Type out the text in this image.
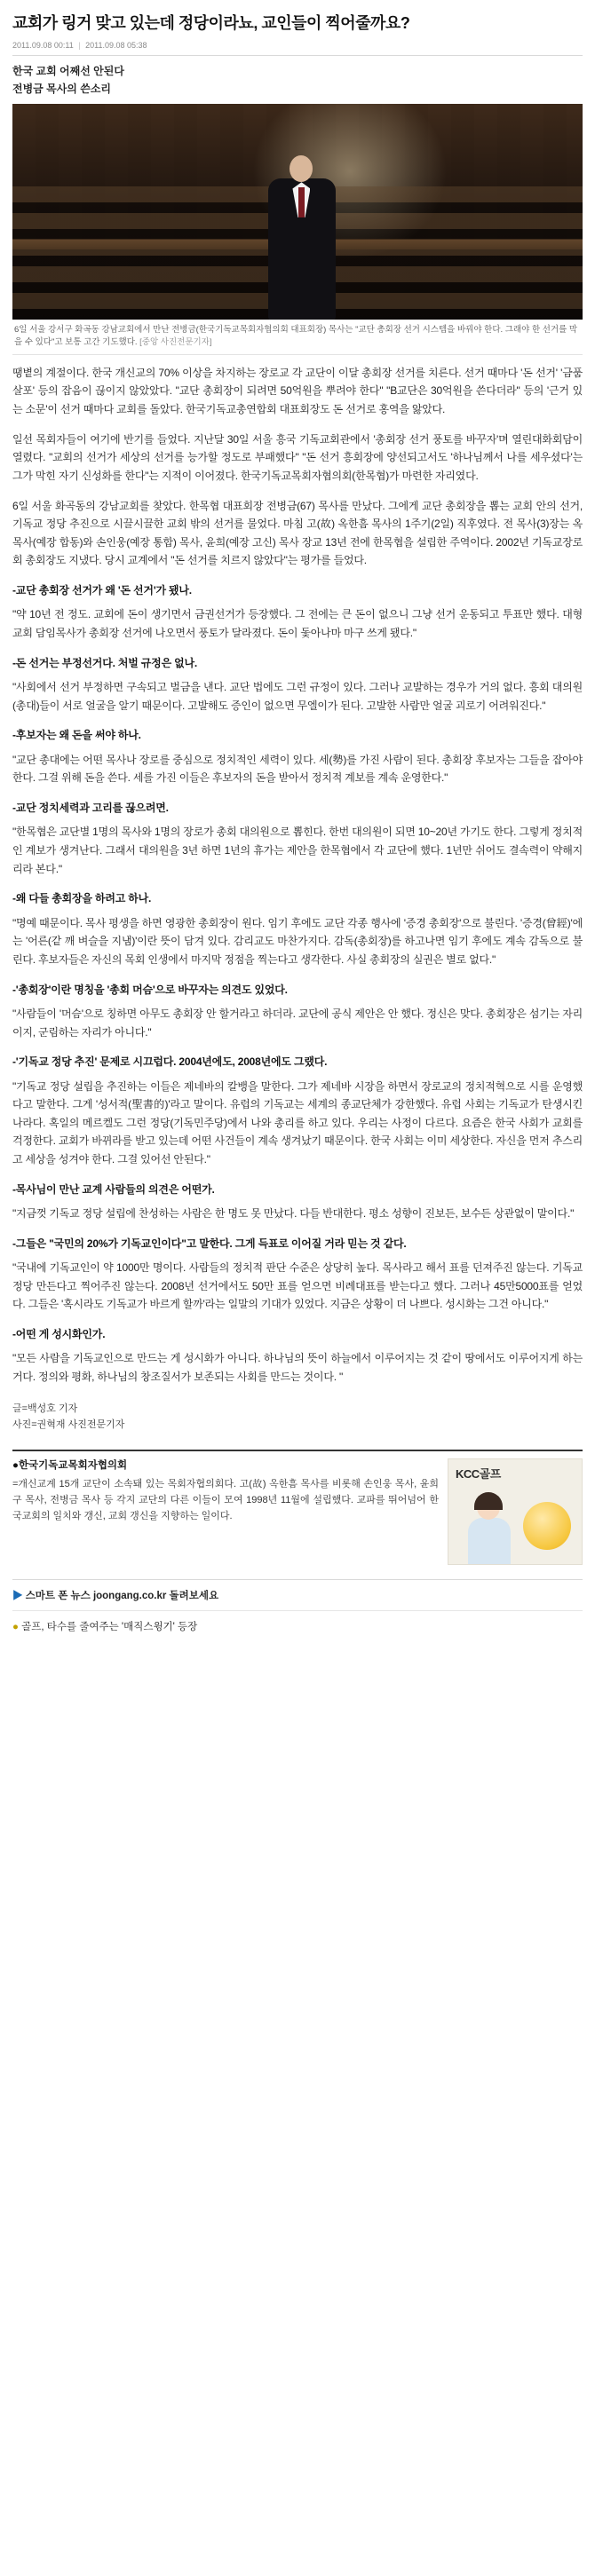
교회가 링거 맞고 있는데 정당이라뇨, 교인들이 찍어줄까요?
2011.09.08 00:11 | 2011.09.08 05:38
한국 교회 어째선 안된다
전병금 목사의 쓴소리
6일 서울 강서구 화곡동 강남교회에서 만난 전병금(한국기독교목회자협의회 대표회장) 목사는 "교단 총회장 선거 시스템을 바꿔야 한다. 그래야 한 선거를 막을 수 있다"고 보통 고간 기도했다. [중앙 사진전문기자]

땡볕의 계절이다. 한국 개신교의 70% 이상을 차지하는 장로교 각 교단이 이달 총회장 선거를 치른다. 선거 때마다 '돈 선거' '금품 살포' 등의 잡음이 끊이지 않았았다. "교단 총회장이 되려면 50억원을 뿌려야 한다" "B교단은 30억원을 쓴다더라" 등의 '근거 있는 소문'이 선거 때마다 교회를 돌았다. 한국기독교총연합회 대표회장도 돈 선거로 홍역을 앓았다.

일선 목회자들이 여기에 반기를 들었다. 지난달 30일 서울 흥국 기독교회관에서 '총회장 선거 풍토를 바꾸자'며 열린대화회담이 열렸다. "교회의 선거가 세상의 선거를 능가할 정도로 부패했다" "돈 선거 흥회장에 양선되고서도 '하나님께서 나를 세우셨다'는 그가 막힌 자기 신성화를 한다"는 지적이 이어졌다. 한국기독교목회자협의회(한목협)가 마련한 자리였다.

6일 서울 화곡동의 강남교회를 찾았다. 한목협 대표회장 전병금(67) 목사를 만났다. 그에게 교단 총회장을 뽑는 교회 안의 선거, 기독교 정당 추진으로 시끌시끌한 교회 밖의 선거를 물었다. 마침 고(故) 옥한흠 목사의 1주기(2일) 직후였다. 전 목사(3)장는 옥 목사(예장 합동)와 손인웅(예장 통합) 목사, 윤희(예장 고신) 목사 장교 13년 전에 한목협을 설립한 주역이다. 2002년 기독교장로회 총회장도 지냈다. 당시 교계에서 "돈 선거를 치르지 않았다"는 평가를 들었다.

-교단 총회장 선거가 왜 '돈 선거'가 됐나.

"약 10년 전 정도. 교회에 돈이 생기면서 금권선거가 등장했다. 그 전에는 큰 돈이 없으니 그냥 선거 운동되고 투표만 했다. 대형교회 담임목사가 총회장 선거에 나오면서 풍토가 달라졌다. 돈이 돛아나마 마구 쓰게 됐다."

-돈 선거는 부정선거다. 처벌 규정은 없나.

"사회에서 선거 부정하면 구속되고 벌금을 낸다. 교단 법에도 그런 규정이 있다. 그러나 교발하는 경우가 거의 없다. 흥회 대의원(총대)들이 서로 얼굴을 알기 때문이다. 고발해도 증인이 없으면 무엘이가 된다. 고발한 사람만 얼굴 괴로기 어려워진다."

-후보자는 왜 돈을 써야 하나.

"교단 총대에는 어떤 목사나 장로를 중심으로 정치적인 세력이 있다. 세(勢)를 가진 사람이 된다. 총회장 후보자는 그들을 잡아야 한다. 그걸 위해 돈을 쓴다. 세를 가진 이들은 후보자의 돈을 받아서 정치적 계보를 계속 운영한다."

-교단 정치세력과 고리를 끊으려면.

"한목협은 교단별 1명의 목사와 1명의 장로가 총회 대의원으로 뽑힌다. 한번 대의원이 되면 10~20년 가기도 한다. 그렇게 정치적인 계보가 생겨난다. 그래서 대의원을 3년 하면 1년의 휴가는 제안을 한목협에서 각 교단에 했다. 1년만 쉬어도 결속력이 약해지리라 본다."

-왜 다들 총회장을 하려고 하나.

"명예 때문이다. 목사 평생을 하면 영광한 총회장이 원다. 임기 후에도 교단 각종 행사에 '증경 총회장'으로 불린다. '증경(曾經)'에는 '어른(같 깨 벼슬을 지냄)'이란 뜻이 담겨 있다. 감리교도 마찬가지다. 감독(총회장)를 하고나면 임기 후에도 계속 감독으로 불린다. 후보자들은 자신의 목회 인생에서 마지막 정점을 찍는다고 생각한다. 사실 총회장의 실권은 별로 없다."

-'총회장'이란 명칭을 '총회 머슴'으로 바꾸자는 의견도 있었다.

"사람들이 '머슴'으로 칭하면 아무도 총회장 안 할거라고 하더라. 교단에 공식 제안은 안 했다. 정신은 맞다. 총회장은 섬기는 자리이지, 군림하는 자리가 아니다."

-'기독교 정당 추진' 문제로 시끄럽다. 2004년에도, 2008년에도 그랬다.

"기독교 정당 설립을 추진하는 이들은 제네바의 칼뱅을 말한다. 그가 제네바 시장을 하면서 장로교의 정치적혁으로 시를 운영했다고 말한다. 그게 '성서적(聖書的)'라고 말이다. 유럽의 기독교는 세계의 종교단체가 강한했다. 유럽 사회는 기독교가 탄생시킨 나라다. 혹일의 메르켈도 그런 정당(기독민주당)에서 나와 총리를 하고 있다. 우리는 사정이 다르다. 요즘은 한국 사회가 교회를 걱정한다. 교회가 바뀌라를 받고 있는데 어떤 사건들이 계속 생겨났기 때문이다. 한국 사회는 이미 세상한다. 자신을 먼저 추스리고 세상을 성겨야 한다. 그걸 있어선 안된다."

-목사님이 만난 교계 사람들의 의견은 어떤가.

"지금껏 기독교 정당 설립에 찬성하는 사람은 한 명도 못 만났다. 다들 반대한다. 평소 성향이 진보든, 보수든 상관없이 말이다."

-그들은 "국민의 20%가 기독교인이다"고 말한다. 그게 득표로 이어질 거라 믿는 것 같다.

"국내에 기독교인이 약 1000만 명이다. 사람들의 정치적 판단 수준은 상당히 높다. 목사라고 해서 표를 던져주진 않는다. 기독교 정당 만든다고 찍어주진 않는다. 2008년 선거에서도 50만 표를 얻으면 비례대표를 받는다고 했다. 그러나 45만5000표를 얻었다. 그들은 '혹시라도 기독교가 바르게 할까'라는 일말의 기대가 있었다. 지금은 상황이 더 나쁘다. 성시화는 그건 아니다."

-어떤 게 성시화인가.

"모든 사람을 기독교인으로 만드는 게 성시화가 아니다. 하나님의 뜻이 하늘에서 이루어지는 것 같이 땅에서도 이루어지게 하는 거다. 정의와 평화, 하나님의 창조질서가 보존되는 사회를 만드는 것이다. "

글=백성호 기자
사진=권혁재 사진전문기자
●한국기독교목회자협의회
=개신교계 15개 교단이 소속돼 있는 목회자협의회다. 고(故) 옥한흠 목사를 비롯해 손인웅 목사, 윤희구 목사, 전병금 목사 등 각지 교단의 다른 이들이 모여 1998년 11월에 설립했다. 교파를 뛰어넘어 한국교회의 일치와 갱신, 교회 갱신을 지향하는 일이다.
KCC골프
▶ 스마트 폰 뉴스 joongang.co.kr 돌려보세요
● 골프, 타수를 줄여주는 '매직스윙기' 등장
